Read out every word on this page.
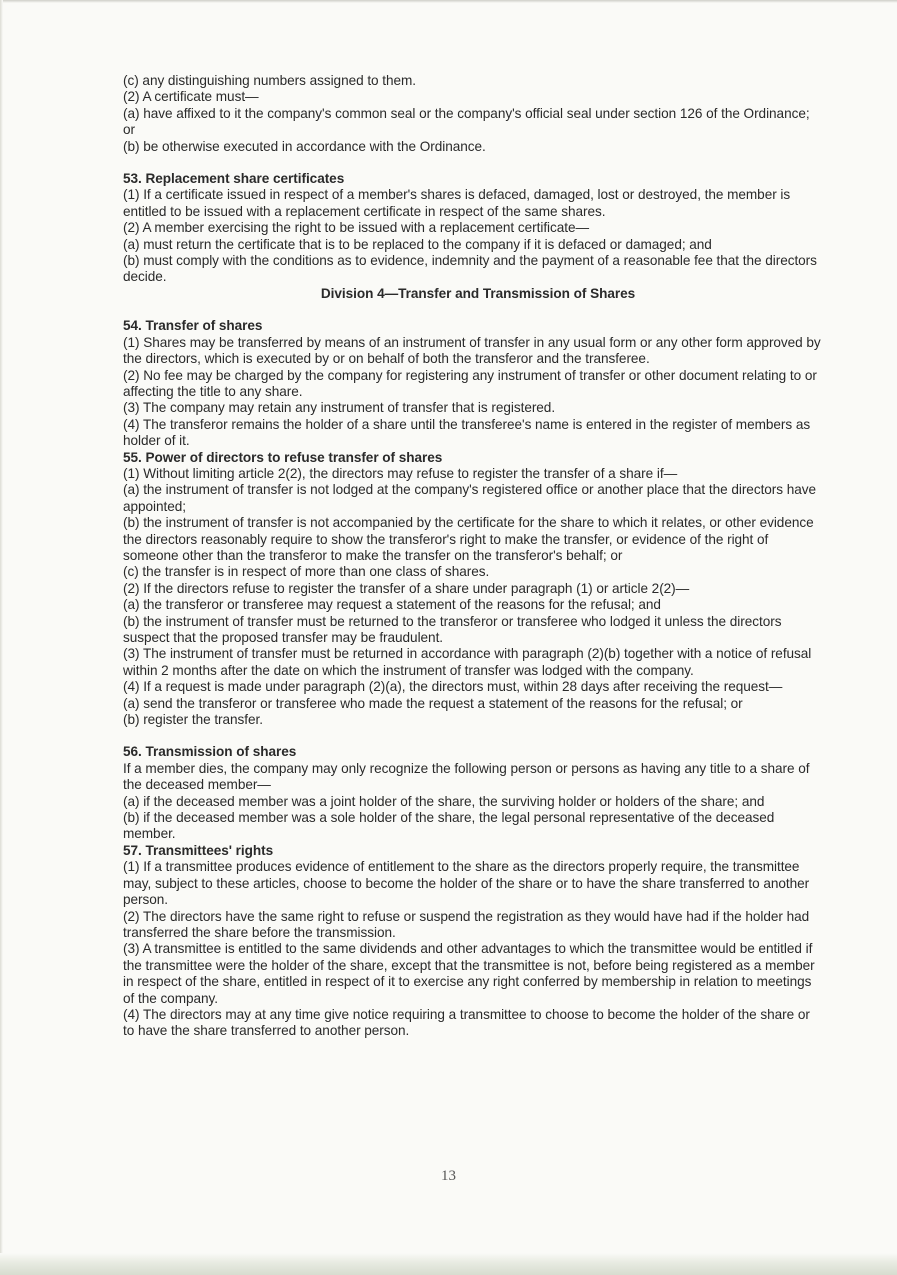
(c) any distinguishing numbers assigned to them.

(2) A certificate must—

(a) have affixed to it the company's common seal or the company's official seal under section 126 of the Ordinance; or

(b) be otherwise executed in accordance with the Ordinance.

53. Replacement share certificates

(1) If a certificate issued in respect of a member's shares is defaced, damaged, lost or destroyed, the member is entitled to be issued with a replacement certificate in respect of the same shares.

(2) A member exercising the right to be issued with a replacement certificate—

(a) must return the certificate that is to be replaced to the company if it is defaced or damaged; and

(b) must comply with the conditions as to evidence, indemnity and the payment of a reasonable fee that the directors decide.

Division 4—Transfer and Transmission of Shares

54. Transfer of shares

(1) Shares may be transferred by means of an instrument of transfer in any usual form or any other form approved by the directors, which is executed by or on behalf of both the transferor and the transferee.

(2) No fee may be charged by the company for registering any instrument of transfer or other document relating to or affecting the title to any share.

(3) The company may retain any instrument of transfer that is registered.

(4) The transferor remains the holder of a share until the transferee's name is entered in the register of members as holder of it.

55. Power of directors to refuse transfer of shares

(1) Without limiting article 2(2), the directors may refuse to register the transfer of a share if—

(a) the instrument of transfer is not lodged at the company's registered office or another place that the directors have appointed;

(b) the instrument of transfer is not accompanied by the certificate for the share to which it relates, or other evidence the directors reasonably require to show the transferor's right to make the transfer, or evidence of the right of someone other than the transferor to make the transfer on the transferor's behalf; or

(c) the transfer is in respect of more than one class of shares.

(2) If the directors refuse to register the transfer of a share under paragraph (1) or article 2(2)—

(a) the transferor or transferee may request a statement of the reasons for the refusal; and

(b) the instrument of transfer must be returned to the transferor or transferee who lodged it unless the directors suspect that the proposed transfer may be fraudulent.

(3) The instrument of transfer must be returned in accordance with paragraph (2)(b) together with a notice of refusal within 2 months after the date on which the instrument of transfer was lodged with the company.

(4) If a request is made under paragraph (2)(a), the directors must, within 28 days after receiving the request—

(a) send the transferor or transferee who made the request a statement of the reasons for the refusal; or

(b) register the transfer.

56. Transmission of shares

If a member dies, the company may only recognize the following person or persons as having any title to a share of the deceased member—

(a) if the deceased member was a joint holder of the share, the surviving holder or holders of the share; and

(b) if the deceased member was a sole holder of the share, the legal personal representative of the deceased member.

57. Transmittees' rights

(1) If a transmittee produces evidence of entitlement to the share as the directors properly require, the transmittee may, subject to these articles, choose to become the holder of the share or to have the share transferred to another person.

(2) The directors have the same right to refuse or suspend the registration as they would have had if the holder had transferred the share before the transmission.

(3) A transmittee is entitled to the same dividends and other advantages to which the transmittee would be entitled if the transmittee were the holder of the share, except that the transmittee is not, before being registered as a member in respect of the share, entitled in respect of it to exercise any right conferred by membership in relation to meetings of the company.

(4) The directors may at any time give notice requiring a transmittee to choose to become the holder of the share or to have the share transferred to another person.

13
